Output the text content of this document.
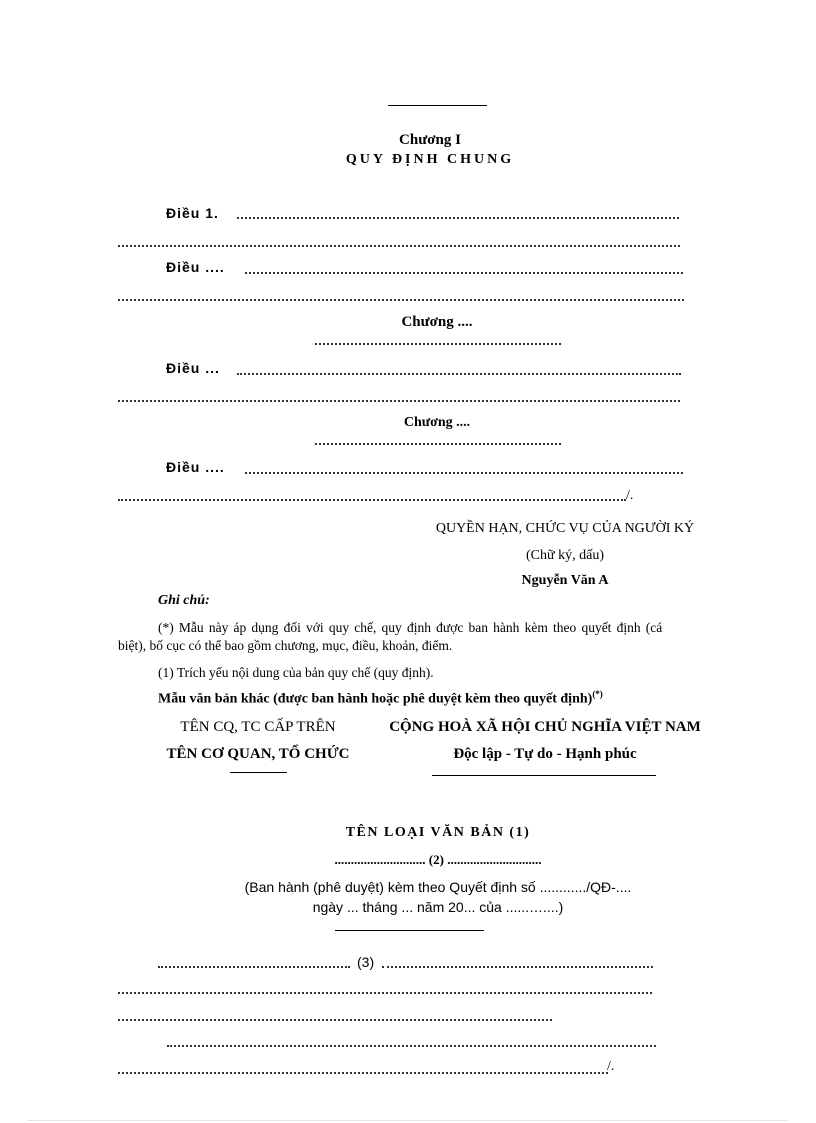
Chương I
QUY ĐỊNH CHUNG
Điều 1.
Điều ....
Chương ....
Điều ...
Chương ....
Điều ....
/.
QUYỀN HẠN, CHỨC VỤ CỦA NGƯỜI KÝ
(Chữ ký, dấu)
Nguyễn Văn A
Ghi chú:
(*) Mẫu này áp dụng đối với quy chế, quy định được ban hành kèm theo quyết định (cá
biệt), bố cục có thể bao gồm chương, mục, điều, khoản, điểm.
(1) Trích yếu nội dung của bản quy chế (quy định).
Mẫu văn bản khác (được ban hành hoặc phê duyệt kèm theo quyết định)(*)
TÊN CQ, TC CẤP TRÊN
TÊN CƠ QUAN, TỔ CHỨC
CỘNG HOÀ XÃ HỘI CHỦ NGHĨA VIỆT NAM
Độc lập - Tự do - Hạnh phúc
TÊN LOẠI VĂN BẢN (1)
............................ (2) .............................
(Ban hành (phê duyệt) kèm theo Quyết định số ............/QĐ-....
ngày ... tháng ... năm 20... của ......…....)
(3)
/.
